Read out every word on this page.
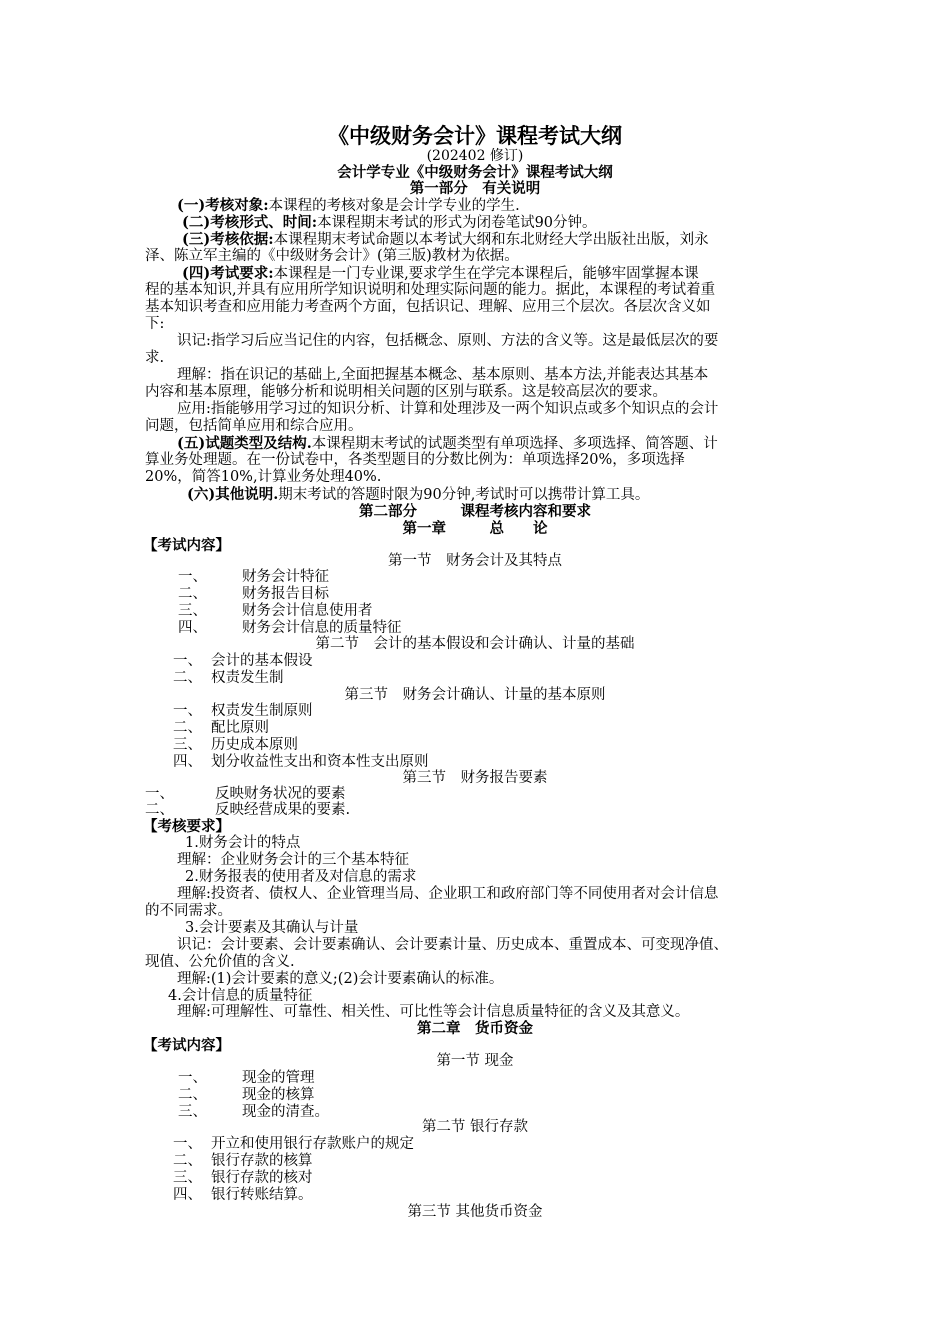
《中级财务会计》课程考试大纲
(202402 修订)
会计学专业《中级财务会计》课程考试大纲
第一部分　有关说明
(一)考核对象:本课程的考核对象是会计学专业的学生.
(二)考核形式、时间:本课程期末考试的形式为闭卷笔试90分钟。
(三)考核依据:本课程期末考试命题以本考试大纲和东北财经大学出版社出版，刘永
泽、陈立军主编的《中级财务会计》(第三版)教材为依据。
(四)考试要求:本课程是一门专业课,要求学生在学完本课程后，能够牢固掌握本课
程的基本知识,并具有应用所学知识说明和处理实际问题的能力。据此，本课程的考试着重
基本知识考查和应用能力考查两个方面，包括识记、理解、应用三个层次。各层次含义如
下:
识记:指学习后应当记住的内容，包括概念、原则、方法的含义等。这是最低层次的要
求.
理解：指在识记的基础上,全面把握基本概念、基本原则、基本方法,并能表达其基本
内容和基本原理，能够分析和说明相关问题的区别与联系。这是较高层次的要求。
应用:指能够用学习过的知识分析、计算和处理涉及一两个知识点或多个知识点的会计
问题，包括简单应用和综合应用。
(五)试题类型及结构.本课程期末考试的试题类型有单项选择、多项选择、简答题、计
算业务处理题。在一份试卷中，各类型题目的分数比例为：单项选择20%，多项选择
20%，简答10%,计算业务处理40%.
(六)其他说明.期末考试的答题时限为90分钟,考试时可以携带计算工具。
第二部分　　　课程考核内容和要求
第一章　　　总　　论
【考试内容】
第一节　财务会计及其特点
一、 财务会计特征
二、 财务报告目标
三、 财务会计信息使用者
四、 财务会计信息的质量特征
第二节　会计的基本假设和会计确认、计量的基础
一、 会计的基本假设
二、 权责发生制
第三节　财务会计确认、计量的基本原则
一、 权责发生制原则
二、 配比原则
三、 历史成本原则
四、 划分收益性支出和资本性支出原则
第三节　财务报告要素
一、	反映财务状况的要素
二、	反映经营成果的要素.
【考核要求】
1.财务会计的特点
理解：企业财务会计的三个基本特征
2.财务报表的使用者及对信息的需求
理解:投资者、债权人、企业管理当局、企业职工和政府部门等不同使用者对会计信息
的不同需求。
3.会计要素及其确认与计量
识记：会计要素、会计要素确认、会计要素计量、历史成本、重置成本、可变现净值、
现值、公允价值的含义.
理解:(1)会计要素的意义;(2)会计要素确认的标准。
4.会计信息的质量特征
理解:可理解性、可靠性、相关性、可比性等会计信息质量特征的含义及其意义。
第二章　货币资金
【考试内容】
第一节 现金
一、 现金的管理
二、 现金的核算
三、 现金的清查。
第二节 银行存款
一、 开立和使用银行存款账户的规定
二、 银行存款的核算
三、 银行存款的核对
四、 银行转账结算。
第三节 其他货币资金
